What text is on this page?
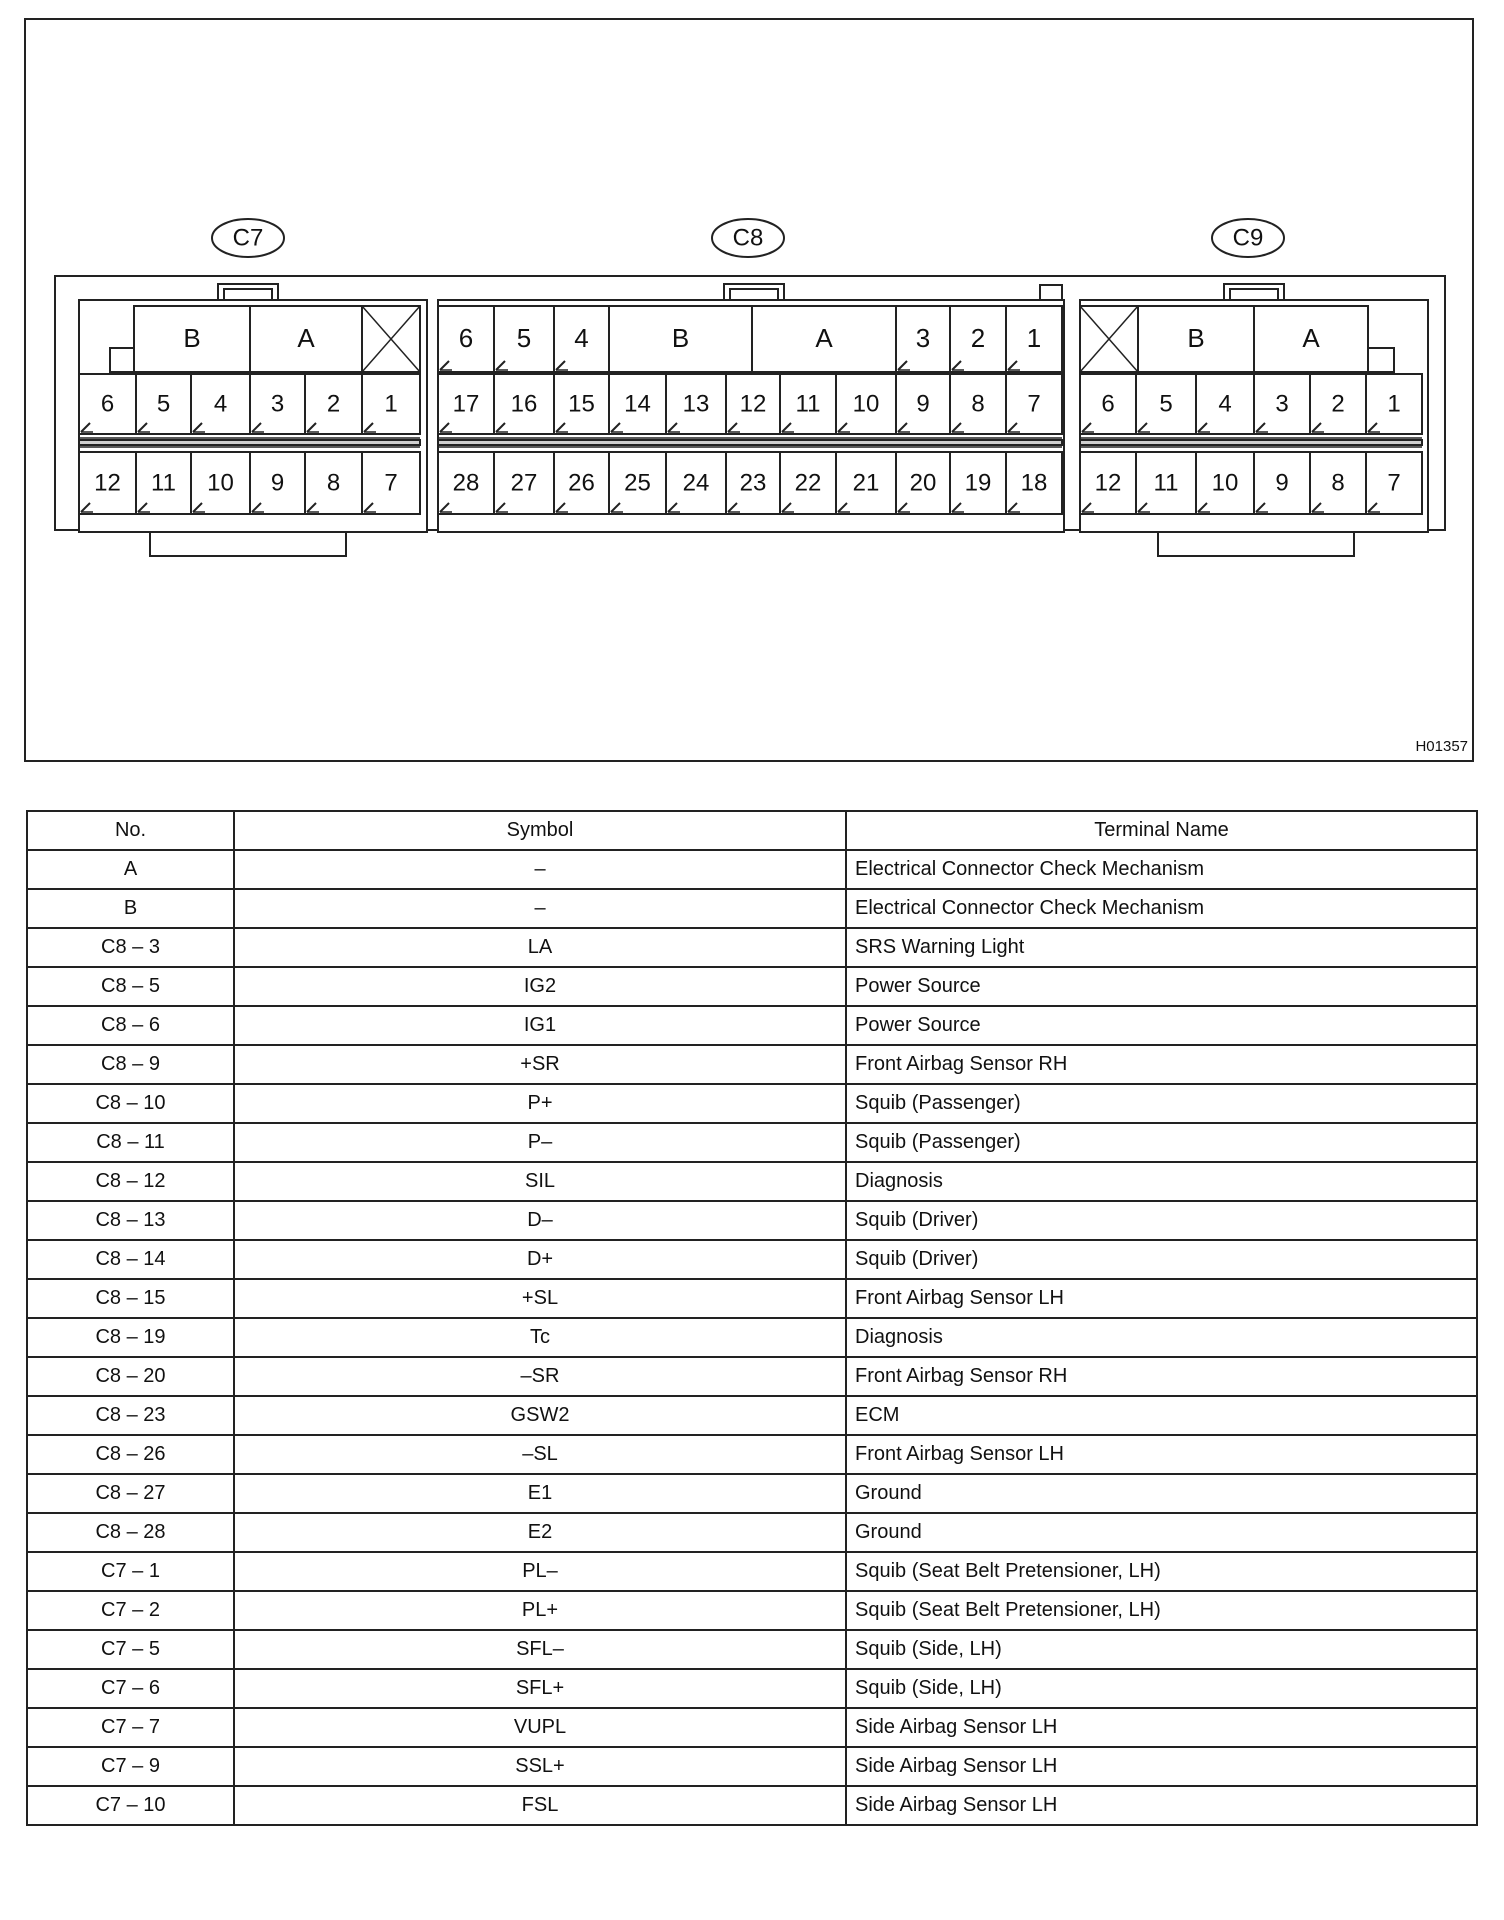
C7
B	A
6 5 4 3 2 1
12 11 10 9 8 7
C8
6 5 4	B	A	3 2 1
17 16 15 14 13 12 11 10 9 8 7
28 27 26 25 24 23 22 21 20 19 18
C9
B	A
6 5 4 3 2 1
12 11 10 9 8 7
H01357
No.	Symbol	Terminal Name
A	–	Electrical Connector Check Mechanism
B	–	Electrical Connector Check Mechanism
C8 – 3	LA	SRS Warning Light
C8 – 5	IG2	Power Source
C8 – 6	IG1	Power Source
C8 – 9	+SR	Front Airbag Sensor RH
C8 – 10	P+	Squib (Passenger)
C8 – 11	P–	Squib (Passenger)
C8 – 12	SIL	Diagnosis
C8 – 13	D–	Squib (Driver)
C8 – 14	D+	Squib (Driver)
C8 – 15	+SL	Front Airbag Sensor LH
C8 – 19	Tc	Diagnosis
C8 – 20	–SR	Front Airbag Sensor RH
C8 – 23	GSW2	ECM
C8 – 26	–SL	Front Airbag Sensor LH
C8 – 27	E1	Ground
C8 – 28	E2	Ground
C7 – 1	PL–	Squib (Seat Belt Pretensioner, LH)
C7 – 2	PL+	Squib (Seat Belt Pretensioner, LH)
C7 – 5	SFL–	Squib (Side, LH)
C7 – 6	SFL+	Squib (Side, LH)
C7 – 7	VUPL	Side Airbag Sensor LH
C7 – 9	SSL+	Side Airbag Sensor LH
C7 – 10	FSL	Side Airbag Sensor LH
